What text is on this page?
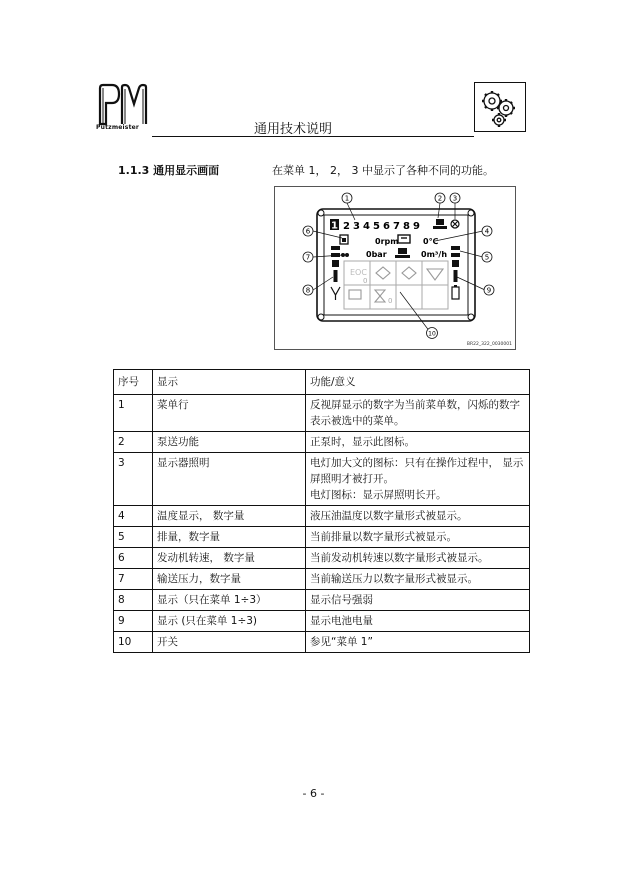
Putzmeister	通用技术说明
1.1.3 通用显示画面	在菜单 1， 2， 3 中显示了各种不同的功能。
1 2 3 4 5 6 7 8 9
0rpm	0℃
0bar	0m³/h
EOC
0
0
1	2 3
4
5
6
7
8	9
10
BR22_322_0030001
序号	显示	功能/意义
1	菜单行	反视屏显示的数字为当前菜单数，闪烁的数字表示被选中的菜单。
2	泵送功能	正泵时，显示此图标。
3	显示器照明	电灯加大文的图标：只有在操作过程中， 显示屏照明才被打开。
电灯图标：显示屏照明长开。

4	温度显示， 数字量	液压油温度以数字量形式被显示。
5	排量，数字量	当前排量以数字量形式被显示。
6	发动机转速， 数字量	当前发动机转速以数字量形式被显示。
7	输送压力，数字量	当前输送压力以数字量形式被显示。
8	显示（只在菜单 1÷3）	显示信号强弱
9	显示 (只在菜单 1÷3)	显示电池电量
10	开关	参见“菜单 1”
- 6 -
